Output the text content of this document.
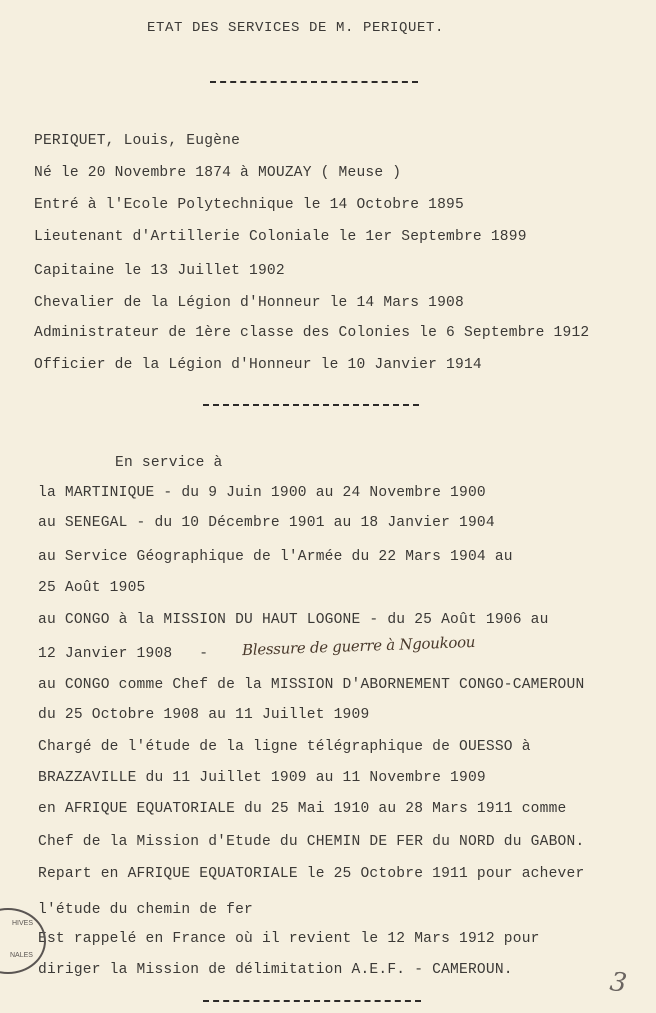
ETAT DES SERVICES DE M. PERIQUET.
PERIQUET, Louis, Eugène
Né le 20 Novembre 1874 à MOUZAY ( Meuse )
Entré à l'Ecole Polytechnique le 14 Octobre 1895
Lieutenant d'Artillerie Coloniale le 1er Septembre 1899
Capitaine le 13 Juillet 1902
Chevalier de la Légion d'Honneur le 14 Mars 1908
Administrateur de 1ère classe des Colonies le 6 Septembre 1912
Officier de la Légion d'Honneur le 10 Janvier 1914
En service à
la MARTINIQUE - du 9 Juin 1900 au 24 Novembre 1900
au SENEGAL - du 10 Décembre 1901 au 18 Janvier 1904
au Service Géographique de l'Armée du 22 Mars 1904 au
25 Août 1905
au CONGO à la MISSION DU HAUT LOGONE - du 25 Août 1906 au
12 Janvier 1908   - Blessure de guerre à Ngoukoou
au CONGO comme Chef de la MISSION D'ABORNEMENT CONGO-CAMEROUN
du 25 Octobre 1908 au 11 Juillet 1909
Chargé de l'étude de la ligne télégraphique de OUESSO à
BRAZZAVILLE du 11 Juillet 1909 au 11 Novembre 1909
en AFRIQUE EQUATORIALE du 25 Mai 1910 au 28 Mars 1911 comme
Chef de la Mission d'Etude du CHEMIN DE FER du NORD du GABON.
Repart en AFRIQUE EQUATORIALE le 25 Octobre 1911 pour achever
l'étude du chemin de fer
Est rappelé en France où il revient le 12 Mars 1912 pour
diriger la Mission de délimitation A.E.F. - CAMEROUN.
HIVES
NALES
3
